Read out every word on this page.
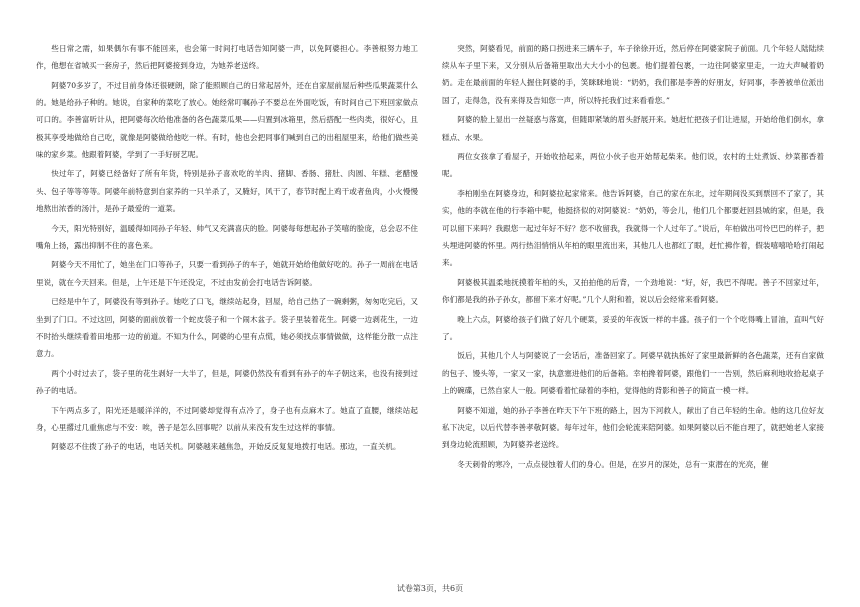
些日常之需，如果偶尔有事不能回来，也会第一时间打电话告知阿婆一声，以免阿婆担心。李善根努力地工作，他想在省城买一套房子，然后把阿婆接到身边，为她养老送终。

阿婆70多岁了，不过目前身体还很硬朗，除了能照顾自己的日常起居外，还在自家屋前屋后种些瓜果蔬菜什么的。她是给孙子种的。她说，自家种的菜吃了放心。她经常叮嘱孙子不要总在外面吃饭，有时间自己下班回家做点可口的。李善富听计从，把阿婆每次给他准备的各色蔬菜瓜果——归置到冰箱里，然后搭配一些肉类，很好心，且极其享受地做给自己吃，就像是阿婆做给他吃一样。有时，他也会把同事们喊到自己的出租屋里来，给他们做些美味的家乡菜。他跟着阿婆，学到了一手好厨艺呢。

快过年了，阿婆已经备好了所有年货，特别是孙子喜欢吃的羊肉、猪脚、香肠、猪肚、肉圆、年糕、老醋馒头、包子等等等等。阿婆年前特意到自家养的一只羊杀了，又腌好，风干了，春节时配上鸡干或者鱼肉，小火慢慢地熬出浓香的汤汁，是孙子最爱的一道菜。

今天，阳光特别好，温暖得如同孙子年轻、帅气又充满喜庆的脸。阿婆每每想起孙子笑嘻的脸庞，总会忍不住嘴角上扬，露出抑制不住的喜色来。

阿婆今天不用忙了，她坐在门口等孙子，只要一看到孙子的车子，她就开始给他做好吃的。孙子一周前在电话里说，就在今天回来。但是，上午还是下午还没定，不过由发前会打电话告诉阿婆。

已经是中午了，阿婆没有等到孙子。她吃了口飞，继续站起身，回屋，给自己热了一碗剩粥，匆匆吃完后，又坐到了门口。不过这回，阿婆的面前放着一个蛇皮袋子和一个闹木盆子。袋子里装着花生。阿婆一边剥花生，一边不时抬头继续看着田地那一边的前道。不知为什么，阿婆的心里有点慌，她必须找点事情做做，这样能分散一点注意力。

两个小时过去了，袋子里的花生剥好一大半了，但是，阿婆仍然没有看到有孙子的车子朝这来，也没有接到过孙子的电话。

下午两点多了，阳光还是暖洋洋的，不过阿婆却觉得有点冷了，身子也有点麻木了。她直了直腰，继续站起身，心里撂过几重焦虑与不安：唉，善子是怎么回事呢？以前从来没有发生过这样的事情。

阿婆忍不住拨了孙子的电话，电话关机。阿婆越来越焦急，开始反反复复地拨打电话。那边，一直关机。

突然，阿婆看见，前面的路口拐进来三辆车子，车子徐徐开近，然后停在阿婆家院子前面。几个年轻人陆陆续续从车子里下来，又分别从后备箱里取出大大小小的包裹。他们提着包裹，一边往阿婆家里走，一边大声喊着奶奶。走在最前面的年轻人握住阿婆的手，笑眯眯地说：“奶奶，我们都是李善的好朋友，好同事，李善被单位派出国了，走得急，没有来得及告知您一声，所以特托我们过来看看您。”

阿婆的脸上显出一丝疑惑与落寞，但随即紧皱的眉头舒展开来。她赶忙把孩子们让进屋，开始给他们倒水，拿糕点、水果。

两位女孩拿了看屋子，开始收拾起来，两位小伙子也开始帮起柴来。他们说，农村的土灶煮饭、炒菜都香着呢。

李柏刚坐在阿婆身边，和阿婆拉起家常来。他告诉阿婆，自己的家在东北，过年期间没买到票回不了家了，其实，他的李就在他的行李箱中呢，他挺挤似的对阿婆说：“奶奶，等会儿，他们几个都要赶回县城的家，但是，我可以留下来吗？我跟您一起过年好不好？您不收留我，我就得一个人过年了。”说后，年柏做出可怜巴巴的样子，把头埋进阿婆的怀里。两行热泪悄悄从年柏的眼里流出来，其他几人也都红了眼，赶忙拂作着，假装嘻嘻哈哈打闹起来。

阿婆极其温柔地抚摸着年柏的头，又拍拍他的后背，一个劲地说：“好，好，我巴不得呢。善子不回家过年，你们都是我的孙子孙女，都留下来才好呢。”几个人附和着，说以后会经常来看阿婆。

晚上六点，阿婆给孩子们做了好几个硬菜，妥妥的年夜饭一样的丰盛。孩子们一个个吃得嘴上冒油，直叫气好了。

饭后，其他几个人与阿婆说了一会话后，准备回家了。阿婆早就执拣好了家里最新鲜的各色蔬菜，还有自家做的包子、馒头等，一家又一家，执意塞进他们的后备箱。幸柏搀着阿婆，跟他们一一告别，然后麻利地收拾起桌子上的碗碟，已然自家人一般。阿婆看着忙碌着的李柏，觉得他的背影和善子的简直一模一样。

阿婆不知道，她的孙子李善在昨天下午下班的路上，因为下河救人，献出了自己年轻的生命。他的这几位好友私下决定，以后代替李善孝敬阿婆。每年过年，他们会轮流来陪阿婆。如果阿婆以后不能自理了，就把她老人家接到身边轮流照顾，为阿婆养老送终。

冬天刺骨的寒冷，一点点侵蚀着人们的身心。但是，在岁月的深处，总有一束潜在的光亮，催

试卷第3页，共6页
